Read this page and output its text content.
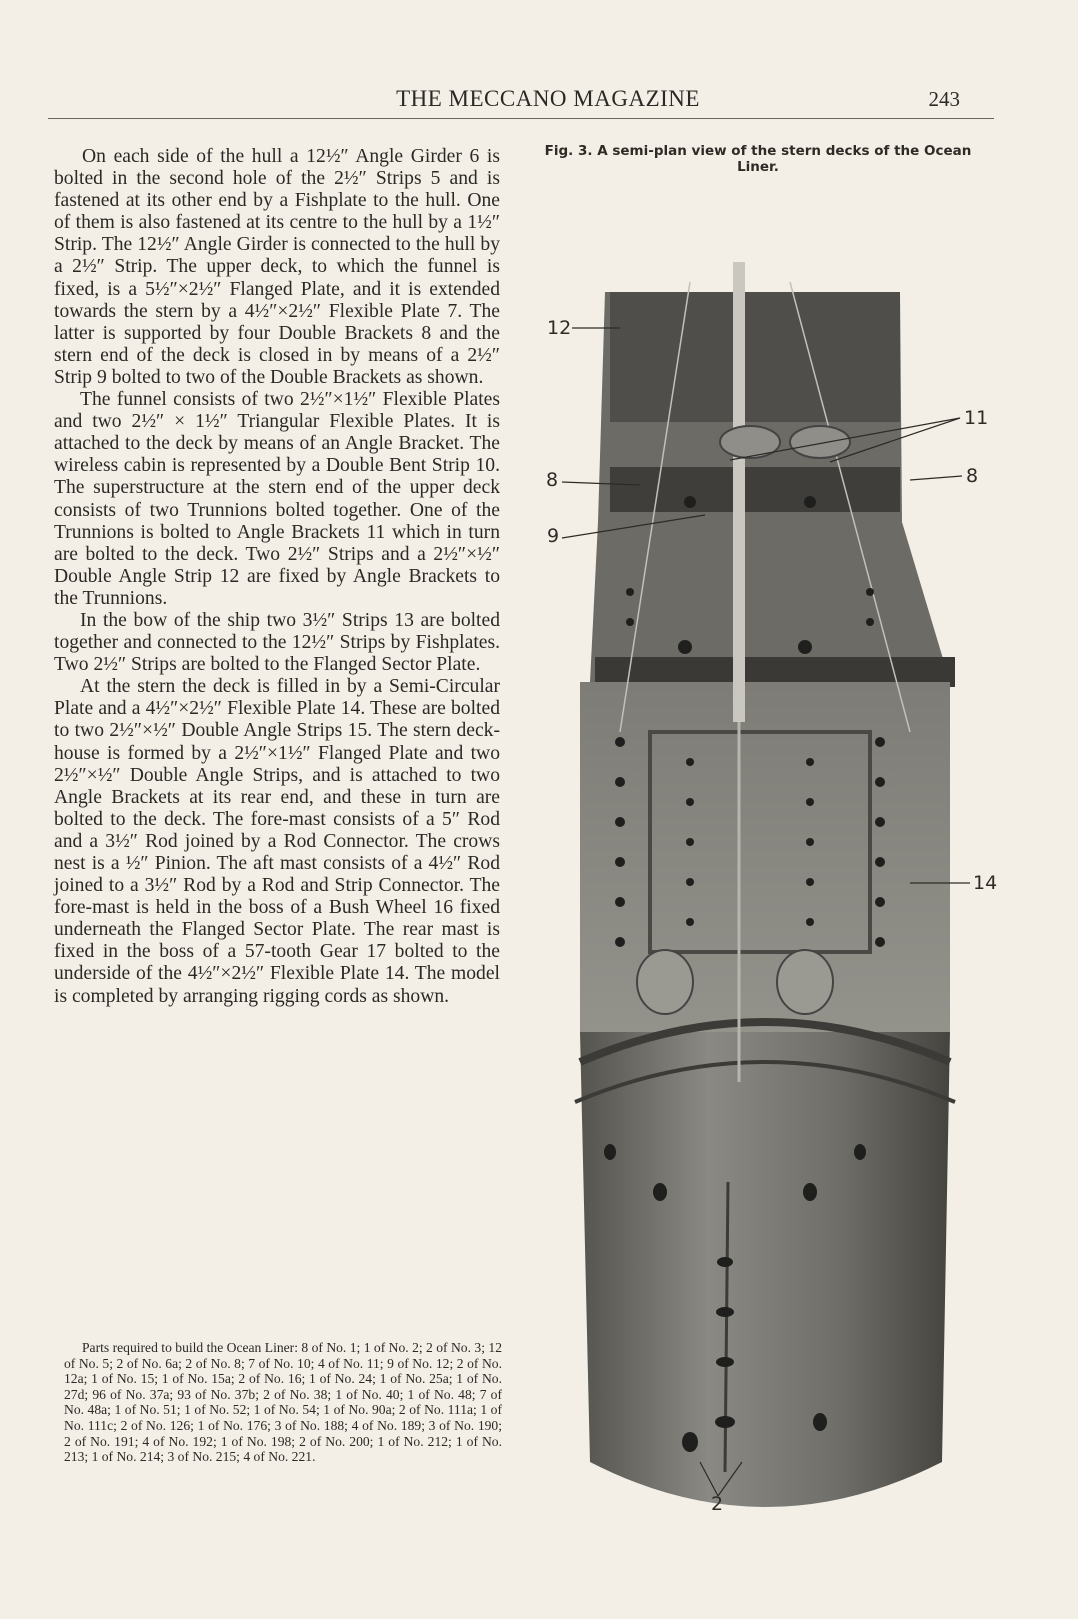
THE MECCANO MAGAZINE	243

On each side of the hull a 12½″ Angle Girder 6 is bolted in the second hole of the 2½″ Strips 5 and is fastened at its other end by a Fishplate to the hull. One of them is also fastened at its centre to the hull by a 1½″ Strip. The 12½″ Angle Girder is connected to the hull by a 2½″ Strip. The upper deck, to which the funnel is fixed, is a 5½″×2½″ Flanged Plate, and it is extended towards the stern by a 4½″×2½″ Flexible Plate 7. The latter is supported by four Double Brackets 8 and the stern end of the deck is closed in by means of a 2½″ Strip 9 bolted to two of the Double Brackets as shown.

The funnel consists of two 2½″×1½″ Flexible Plates and two 2½″ × 1½″ Triangular Flexible Plates. It is attached to the deck by means of an Angle Bracket. The wireless cabin is represented by a Double Bent Strip 10. The superstructure at the stern end of the upper deck consists of two Trunnions bolted together. One of the Trunnions is bolted to Angle Brackets 11 which in turn are bolted to the deck. Two 2½″ Strips and a 2½″×½″ Double Angle Strip 12 are fixed by Angle Brackets to the Trunnions.

In the bow of the ship two 3½″ Strips 13 are bolted together and connected to the 12½″ Strips by Fishplates. Two 2½″ Strips are bolted to the Flanged Sector Plate.

At the stern the deck is filled in by a Semi-Circular Plate and a 4½″×2½″ Flexible Plate 14. These are bolted to two 2½″×½″ Double Angle Strips 15. The stern deck-house is formed by a 2½″×1½″ Flanged Plate and two 2½″×½″ Double Angle Strips, and is attached to two Angle Brackets at its rear end, and these in turn are bolted to the deck. The fore-mast consists of a 5″ Rod and a 3½″ Rod joined by a Rod Connector. The crows nest is a ½″ Pinion. The aft mast consists of a 4½″ Rod joined to a 3½″ Rod by a Rod and Strip Connector. The fore-mast is held in the boss of a Bush Wheel 16 fixed underneath the Flanged Sector Plate. The rear mast is fixed in the boss of a 57-tooth Gear 17 bolted to the underside of the 4½″×2½″ Flexible Plate 14. The model is completed by arranging rigging cords as shown.

Parts required to build the Ocean Liner: 8 of No. 1; 1 of No. 2; 2 of No. 3; 12 of No. 5; 2 of No. 6a; 2 of No. 8; 7 of No. 10; 4 of No. 11; 9 of No. 12; 2 of No. 12a; 1 of No. 15; 1 of No. 15a; 2 of No. 16; 1 of No. 24; 1 of No. 25a; 1 of No. 27d; 96 of No. 37a; 93 of No. 37b; 2 of No. 38; 1 of No. 40; 1 of No. 48; 7 of No. 48a; 1 of No. 51; 1 of No. 52; 1 of No. 54; 1 of No. 90a; 2 of No. 111a; 1 of No. 111c; 2 of No. 126; 1 of No. 176; 3 of No. 188; 4 of No. 189; 3 of No. 190; 2 of No. 191; 4 of No. 192; 1 of No. 198; 2 of No. 200; 1 of No. 212; 1 of No. 213; 1 of No. 214; 3 of No. 215; 4 of No. 221.
Fig. 3. A semi-plan view of the stern decks of the Ocean Liner.
12
11
8	8
9
14
2
